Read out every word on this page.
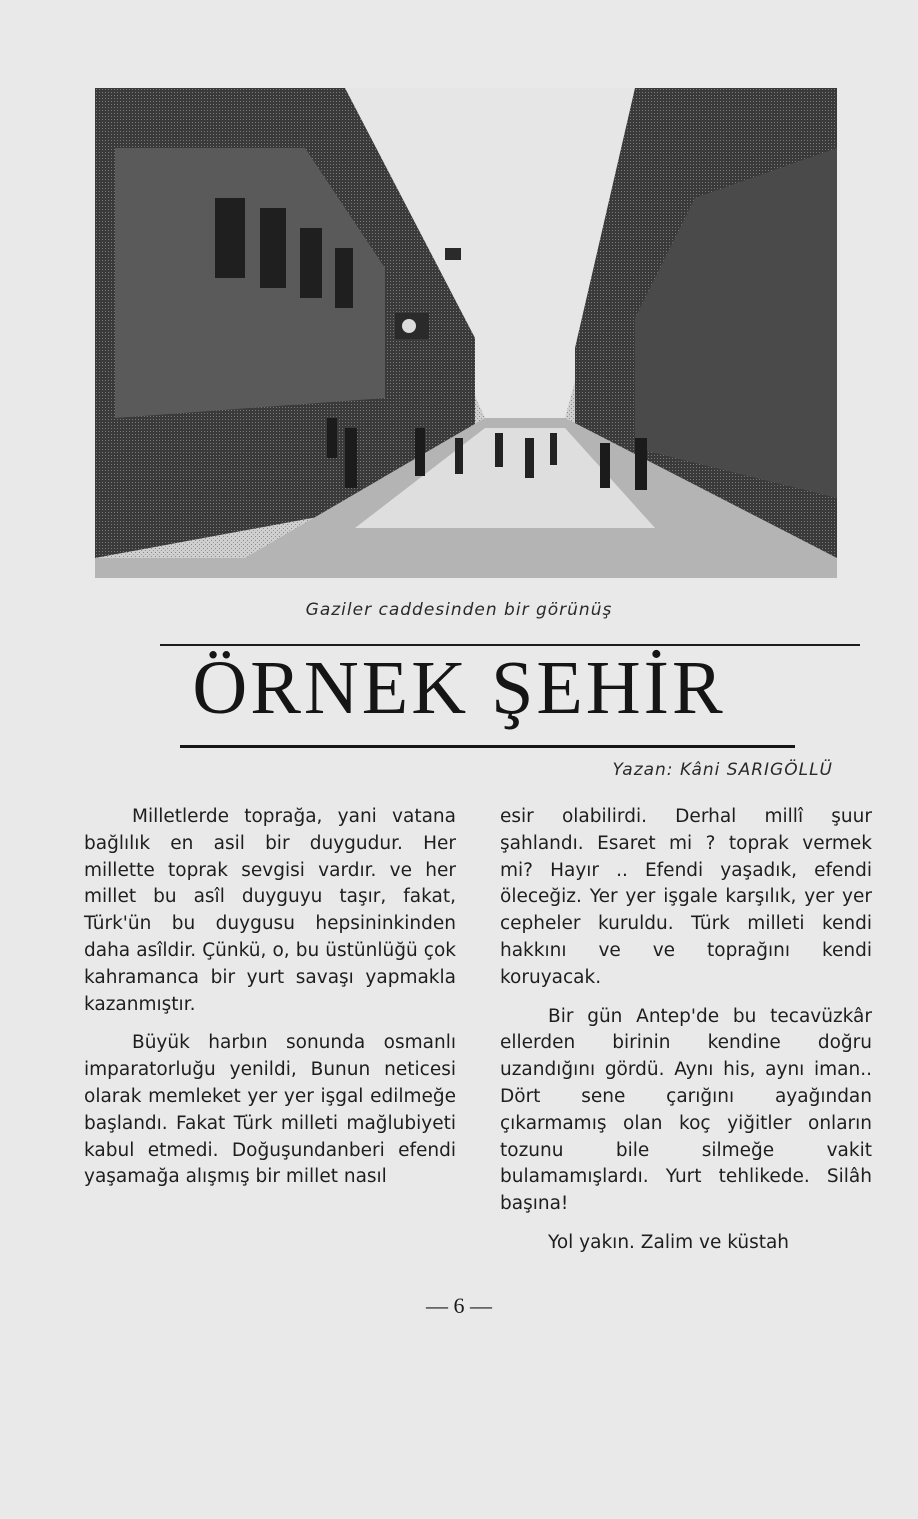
Gaziler caddesinden bir görünüş
ÖRNEK ŞEHİR
Yazan: Kâni SARIGÖLLÜ

Milletlerde toprağa, yani vatana bağlılık en asil bir duygudur. Her millette toprak sevgisi vardır. ve her millet bu asîl duyguyu taşır, fakat, Türk'ün bu duygusu hepsininkinden daha asîldir. Çünkü, o, bu üstünlüğü çok kahramanca bir yurt savaşı yapmakla kazanmıştır.

Büyük harbın sonunda osmanlı imparatorluğu yenildi, Bunun neticesi olarak memleket yer yer işgal edilmeğe başlandı. Fakat Türk milleti mağlubiyeti kabul etmedi. Doğuşundanberi efendi yaşamağa alışmış bir millet nasıl

esir olabilirdi. Derhal millî şuur şahlandı. Esaret mi ? toprak vermek mi? Hayır .. Efendi yaşadık, efendi öleceğiz. Yer yer işgale karşılık, yer yer cepheler kuruldu. Türk milleti kendi hakkını ve ve toprağını kendi koruyacak.

Bir gün Antep'de bu tecavüzkâr ellerden birinin kendine doğru uzandığını gördü. Aynı his, aynı iman.. Dört sene çarığını ayağından çıkarmamış olan koç yiğitler onların tozunu bile silmeğe vakit bulamamışlardı. Yurt tehlikede. Silâh başına!

Yol yakın. Zalim ve küstah

— 6 —
